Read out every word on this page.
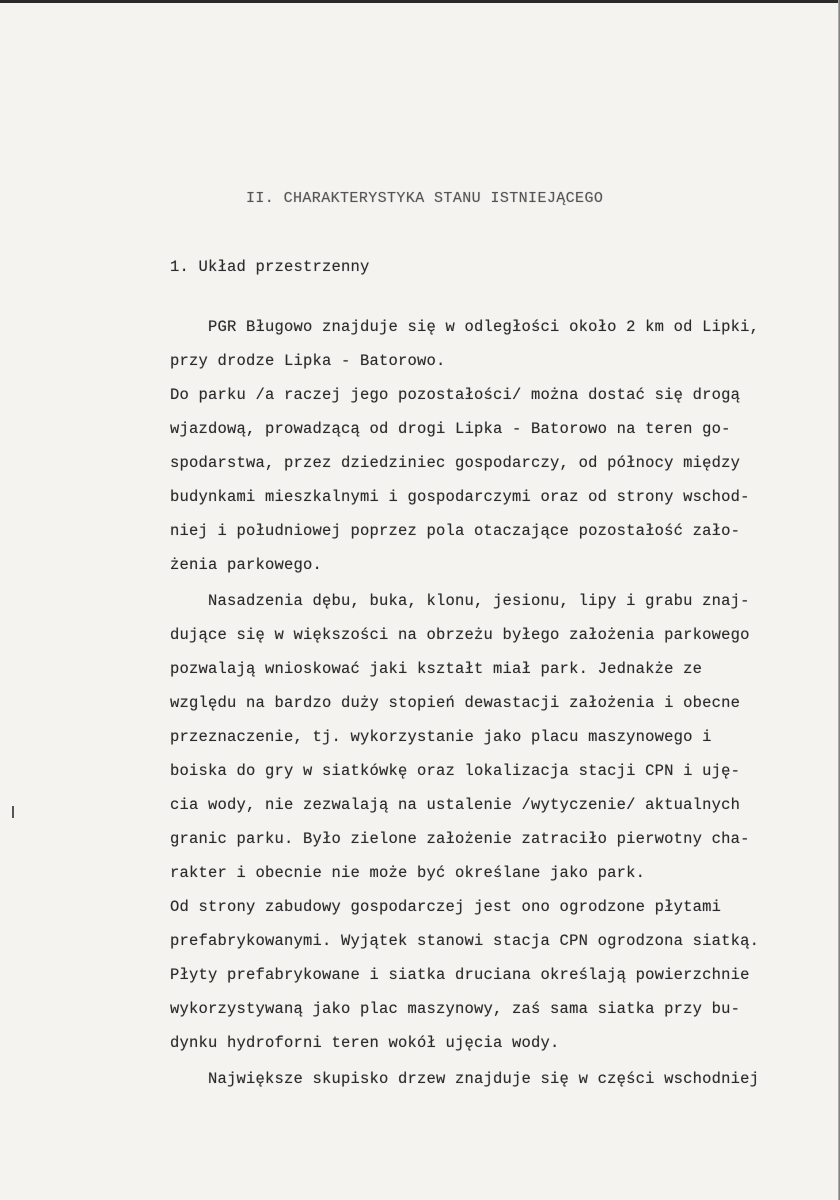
II. CHARAKTERYSTYKA STANU ISTNIEJĄCEGO
1. Układ przestrzenny
PGR Bługowo znajduje się w odległości około 2 km od Lipki,
przy drodze Lipka - Batorowo.
Do parku /a raczej jego pozostałości/ można dostać się drogą
wjazdową, prowadzącą od drogi Lipka - Batorowo na teren go-
spodarstwa, przez dziedziniec gospodarczy, od północy między
budynkami mieszkalnymi i gospodarczymi oraz od strony wschod-
niej i południowej poprzez pola otaczające pozostałość zało-
żenia parkowego.
Nasadzenia dębu, buka, klonu, jesionu, lipy i grabu znaj-
dujące się w większości na obrzeżu byłego założenia parkowego
pozwalają wnioskować jaki kształt miał park. Jednakże ze
względu na bardzo duży stopień dewastacji założenia i obecne
przeznaczenie, tj. wykorzystanie jako placu maszynowego i
boiska do gry w siatkówkę oraz lokalizacja stacji CPN i uję-
cia wody, nie zezwalają na ustalenie /wytyczenie/ aktualnych
granic parku. Było zielone założenie zatraciło pierwotny cha-
rakter i obecnie nie może być określane jako park.
Od strony zabudowy gospodarczej jest ono ogrodzone płytami
prefabrykowanymi. Wyjątek stanowi stacja CPN ogrodzona siatką.
Płyty prefabrykowane i siatka druciana określają powierzchnie
wykorzystywaną jako plac maszynowy, zaś sama siatka przy bu-
dynku hydroforni teren wokół ujęcia wody.
Największe skupisko drzew znajduje się w części wschodniej
